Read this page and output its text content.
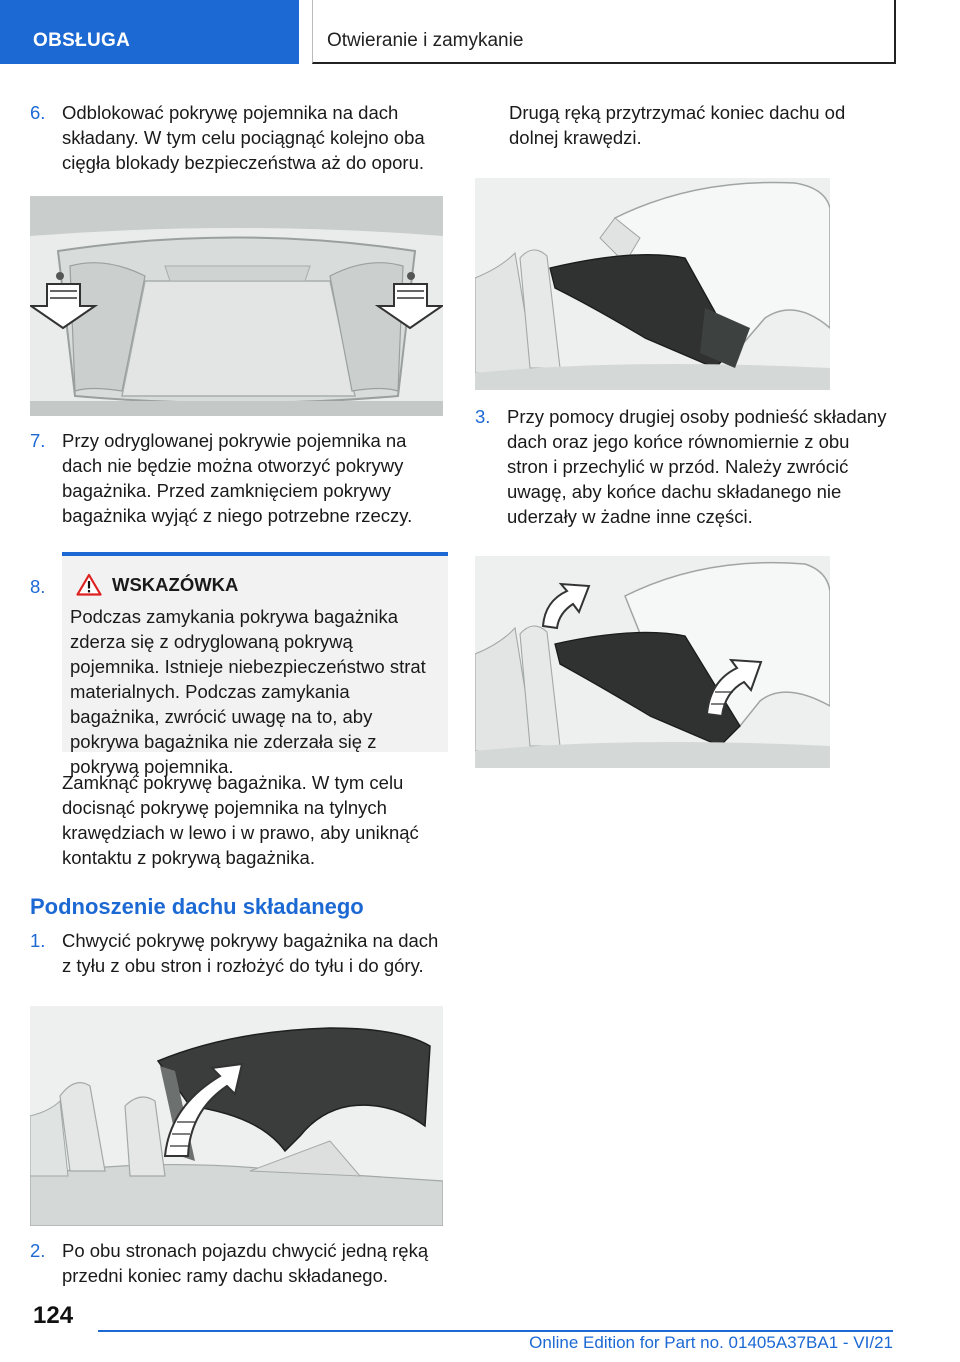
OBSŁUGA	Otwieranie i zamykanie
6. Odblokować pokrywę pojemnika na dach składany. W tym celu pociągnąć kolejno oba cięgła blokady bezpieczeństwa aż do oporu.
7. Przy odryglowanej pokrywie pojemnika na dach nie będzie można otworzyć pokrywy bagażnika. Przed zamknięciem pokrywy bagażnika wyjąć z niego potrzebne rzeczy.
8.	WSKAZÓWKA
Podczas zamykania pokrywa bagażnika zderza się z odryglowaną pokrywą pojemnika. Istnieje niebezpieczeństwo strat materialnych. Podczas zamykania bagażnika, zwrócić uwagę na to, aby pokrywa bagażnika nie zderzała się z pokrywą pojemnika.
Zamknąć pokrywę bagażnika. W tym celu docisnąć pokrywę pojemnika na tylnych krawędziach w lewo i w prawo, aby uniknąć kontaktu z pokrywą bagażnika.
Podnoszenie dachu składanego
1. Chwycić pokrywę pokrywy bagażnika na dach z tyłu z obu stron i rozłożyć do tyłu i do góry.
2. Po obu stronach pojazdu chwycić jedną ręką przedni koniec ramy dachu składanego.
Drugą ręką przytrzymać koniec dachu od dolnej krawędzi.
3. Przy pomocy drugiej osoby podnieść składany dach oraz jego końce równomiernie z obu stron i przechylić w przód. Należy zwrócić uwagę, aby końce dachu składanego nie uderzały w żadne inne części.
124
Online Edition for Part no. 01405A37BA1 - VI/21
